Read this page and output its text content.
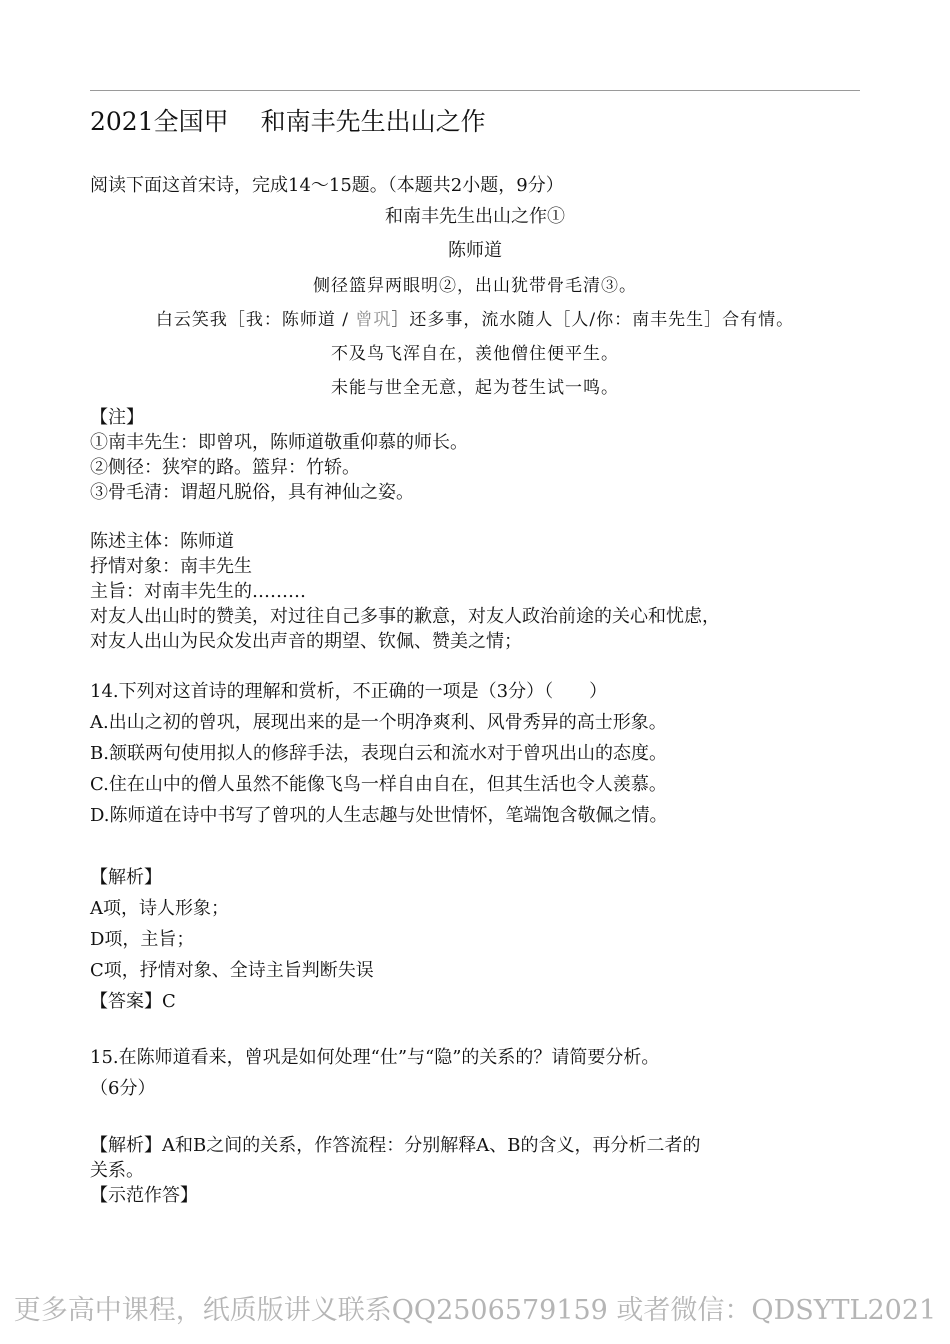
2021全国甲 和南丰先生出山之作
阅读下面这首宋诗，完成14～15题。（本题共2小题，9分）
和南丰先生出山之作①
陈师道
侧径篮舁两眼明②，出山犹带骨毛清③。
白云笑我［我：陈师道 / 曾巩］还多事，流水随人［人/你：南丰先生］合有情。
不及鸟飞浑自在，羡他僧住便平生。
未能与世全无意，起为苍生试一鸣。
【注】
①南丰先生：即曾巩，陈师道敬重仰慕的师长。
②侧径：狭窄的路。篮舁：竹轿。
③骨毛清：谓超凡脱俗，具有神仙之姿。
陈述主体：陈师道
抒情对象：南丰先生
主旨：对南丰先生的………
对友人出山时的赞美，对过往自己多事的歉意，对友人政治前途的关心和忧虑，
对友人出山为民众发出声音的期望、钦佩、赞美之情；
14.下列对这首诗的理解和赏析，不正确的一项是（3分）（　　）
A.出山之初的曾巩，展现出来的是一个明净爽利、风骨秀异的高士形象。
B.颔联两句使用拟人的修辞手法，表现白云和流水对于曾巩出山的态度。
C.住在山中的僧人虽然不能像飞鸟一样自由自在，但其生活也令人羡慕。
D.陈师道在诗中书写了曾巩的人生志趣与处世情怀，笔端饱含敬佩之情。
【解析】
A项，诗人形象；
D项，主旨；
C项，抒情对象、全诗主旨判断失误
【答案】C
15.在陈师道看来，曾巩是如何处理“仕”与“隐”的关系的？请简要分析。
（6分）
【解析】A和B之间的关系，作答流程：分别解释A、B的含义，再分析二者的
关系。
【示范作答】
更多高中课程，纸质版讲义联系QQ2506579159 或者微信：QDSYTL2021
